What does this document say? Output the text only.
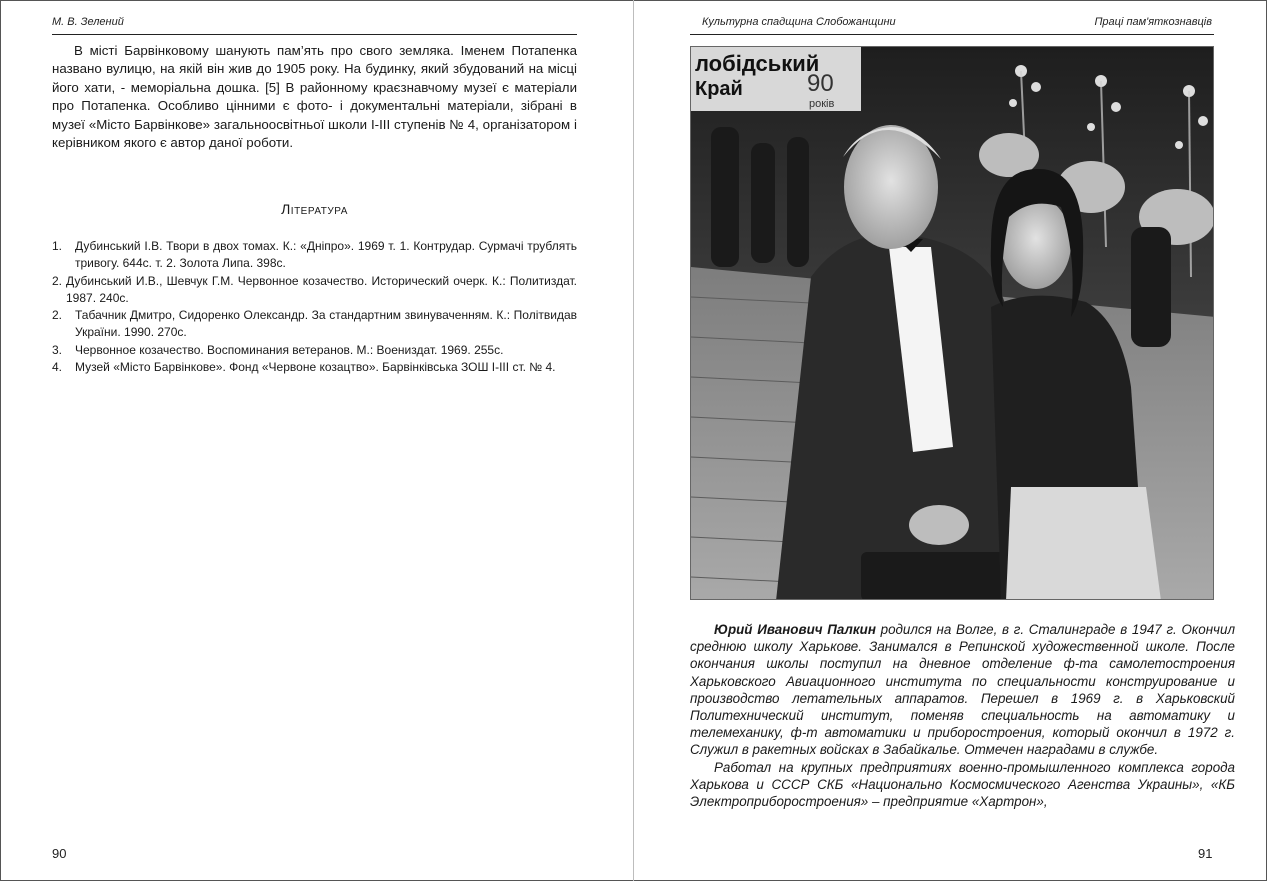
М. В. Зелений

В місті Барвінковому шанують пам’ять про свого земляка. Іменем Потапенка названо вулицю, на якій він жив до 1905 року. На будинку, який збудований на місці його хати, - меморіальна дошка. [5] В районному краєзнавчому музеї є матеріали про Потапенка. Особливо цінними є фото- і документальні матеріали, зібрані в музеї «Місто Барвінкове» загальноосвітньої школи І-ІІІ ступенів № 4, організатором і керівником якого є автор даної роботи.

Література
1.	Дубинський І.В. Твори в двох томах. К.: «Дніпро». 1969 т. 1. Контрудар. Сурмачі трублять тривогу. 644с. т. 2. Золота Липа. 398с.
2. Дубинський И.В., Шевчук Г.М. Червонное козачество. Исторический очерк. К.: Политиздат. 1987. 240с.
2.	Табачник Дмитро, Сидоренко Олександр. За стандартним звинуваченням. К.: Політвидав України. 1990. 270с.
3.	Червонное козачество. Воспоминания ветеранов. М.: Воениздат. 1969. 255с.
4.	Музей «Місто Барвінкове». Фонд «Червоне козацтво». Барвінківська ЗОШ І-ІІІ ст. № 4.
90
Культурна спадщина Слобожанщини	Праці пам'яткознавців
лобідський
Край	90
років

Юрий Иванович Палкин родился на Волге, в г. Сталинграде в 1947 г. Окончил среднюю школу Харькове. Занимался в Репинской художественной школе. После окончания школы поступил на дневное отделение ф-та самолетостроения Харьковского Авиационного института по специальности конструирование и производство летательных аппаратов. Перешел в 1969 г. в Харьковский Политехнический институт, поменяв специальность на автоматику и телемеханику, ф-т автоматики и приборостроения, который окончил в 1972 г. Служил в ракетных войсках в Забайкалье. Отмечен наградами в службе.

Работал на крупных предприятиях военно-промышленного комплекса города Харькова и СССР СКБ «Национально Космосмического Агенства Украины», «КБ Электроприборостроения» – предприятие «Хартрон»,

91
